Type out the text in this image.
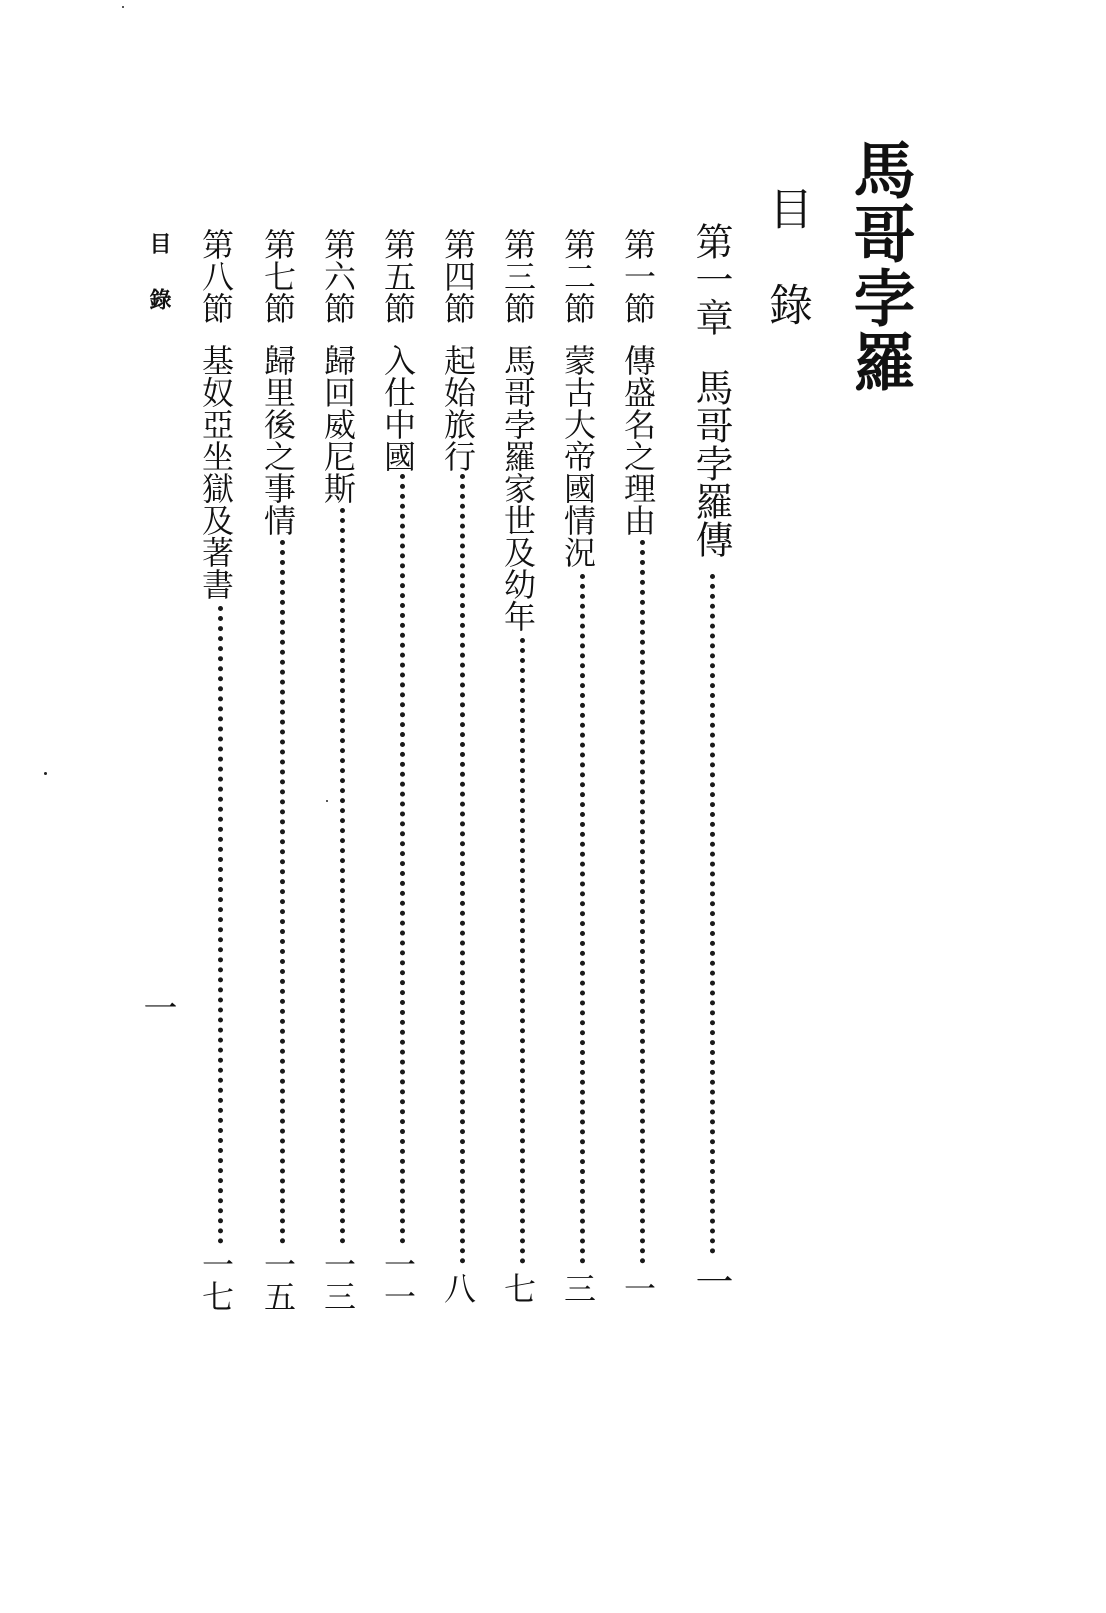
馬哥孛羅
目錄
第一章
馬哥孛羅傳
一
第一節
傳盛名之理由
一
第二節
蒙古大帝國情況
三
第三節
馬哥孛羅家世及幼年
七
第四節
起始旅行
八
第五節
入仕中國
一一
第六節
歸回威尼斯
一三
第七節
歸里後之事情
一五
第八節
基奴亞坐獄及著書
一七
目錄
一
